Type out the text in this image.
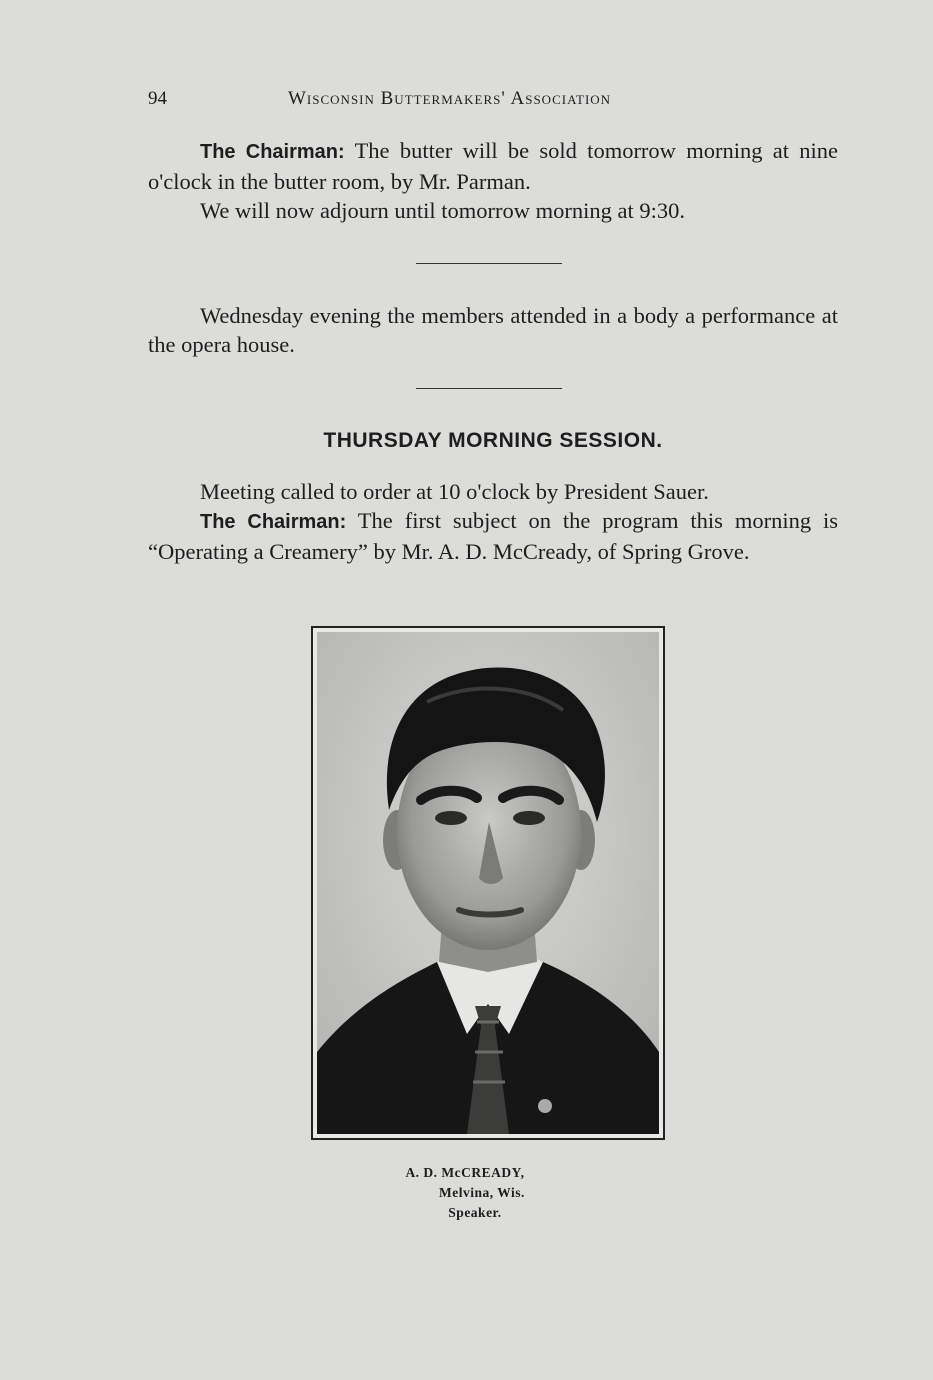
94	Wisconsin Buttermakers' Association

The Chairman: The butter will be sold tomorrow morning at nine o'clock in the butter room, by Mr. Parman.

We will now adjourn until tomorrow morning at 9:30.

Wednesday evening the members attended in a body a performance at the opera house.

THURSDAY MORNING SESSION.

Meeting called to order at 10 o'clock by President Sauer.

The Chairman: The first subject on the program this morning is “Operating a Creamery” by Mr. A. D. McCready, of Spring Grove.

A. D. McCREADY,
Melvina, Wis.
Speaker.
